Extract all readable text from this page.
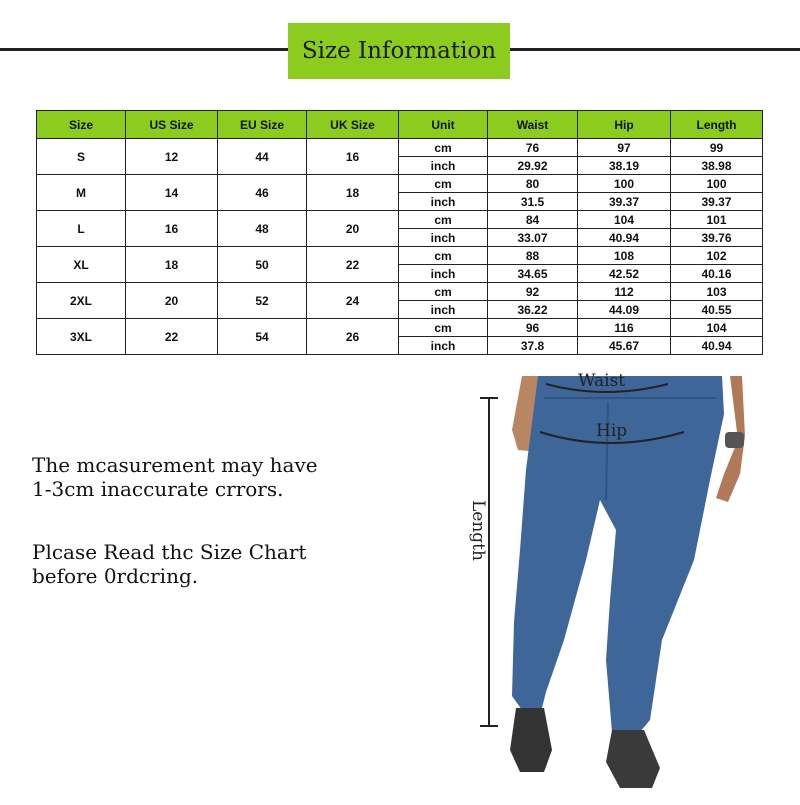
Size Information
Size	US Size	EU Size	UK Size	Unit	Waist	Hip	Length
S	12	44	16	cm	76	97	99
				inch	29.92	38.19	38.98
M	14	46	18	cm	80	100	100
				inch	31.5	39.37	39.37
L	16	48	20	cm	84	104	101
				inch	33.07	40.94	39.76
XL	18	50	22	cm	88	108	102
				inch	34.65	42.52	40.16
2XL	20	52	24	cm	92	112	103
				inch	36.22	44.09	40.55
3XL	22	54	26	cm	96	116	104
				inch	37.8	45.67	40.94
The mcasurement may have
1-3cm inaccurate crrors.
Plcase Read thc Size Chart
before 0rdcring.
Waist
Hip
Length
